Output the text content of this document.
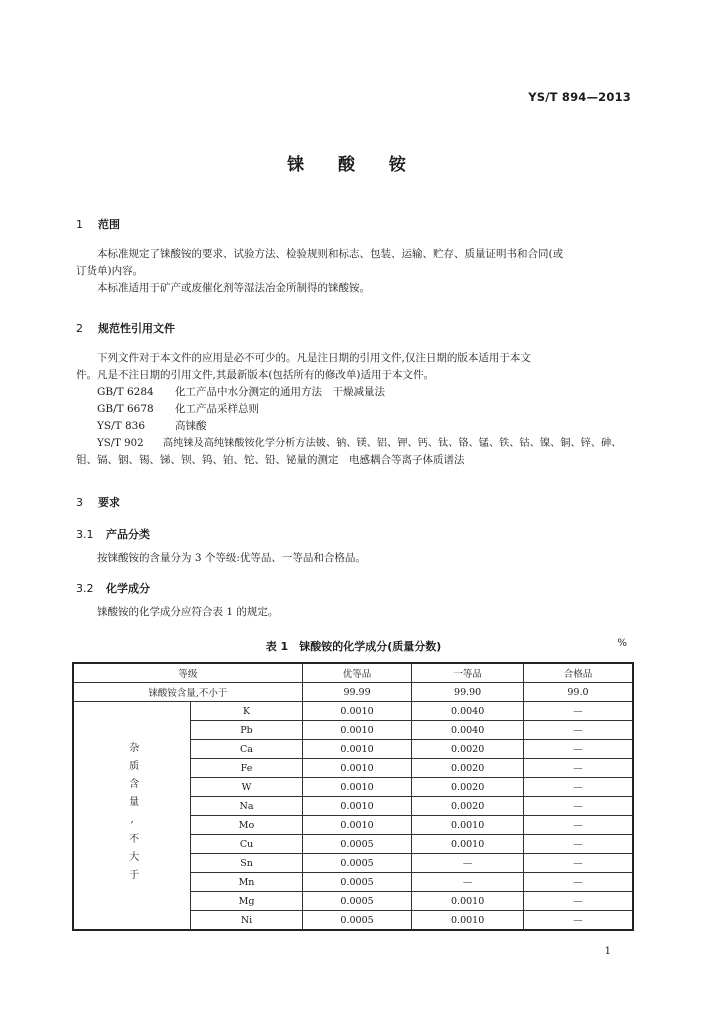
YS/T 894—2013
铼 酸 铵
1 范围
本标准规定了铼酸铵的要求、试验方法、检验规则和标志、包装、运输、贮存、质量证明书和合同(或
订货单)内容。
本标准适用于矿产或废催化剂等湿法冶金所制得的铼酸铵。
2 规范性引用文件
下列文件对于本文件的应用是必不可少的。凡是注日期的引用文件,仅注日期的版本适用于本文
件。凡是不注日期的引用文件,其最新版本(包括所有的修改单)适用于本文件。
GB/T 6284 化工产品中水分测定的通用方法　干燥减量法
GB/T 6678 化工产品采样总则
YS/T 836	高铼酸
YS/T 902 高纯铼及高纯铼酸铵化学分析方法铍、钠、镁、铝、钾、钙、钛、铬、锰、铁、钴、镍、铜、锌、砷、
钼、镉、铟、锡、锑、钡、钨、铂、铊、铅、铋量的测定　电感耦合等离子体质谱法
3 要求
3.1 产品分类
按铼酸铵的含量分为 3 个等级:优等品、一等品和合格品。
3.2 化学成分
铼酸铵的化学成分应符合表 1 的规定。
表 1　铼酸铵的化学成分(质量分数)	%
等级		优等品	一等品	合格品
铼酸铵含量,不小于		99.99	99.90	99.0
杂质含量,不大于	K	0.0010	0.0040	—
	Pb	0.0010	0.0040	—
	Ca	0.0010	0.0020	—
	Fe	0.0010	0.0020	—
	W	0.0010	0.0020	—
	Na	0.0010	0.0020	—
	Mo	0.0010	0.0010	—
	Cu	0.0005	0.0010	—
	Sn	0.0005	—	—
	Mn	0.0005	—	—
	Mg	0.0005	0.0010	—
	Ni	0.0005	0.0010	—
1
